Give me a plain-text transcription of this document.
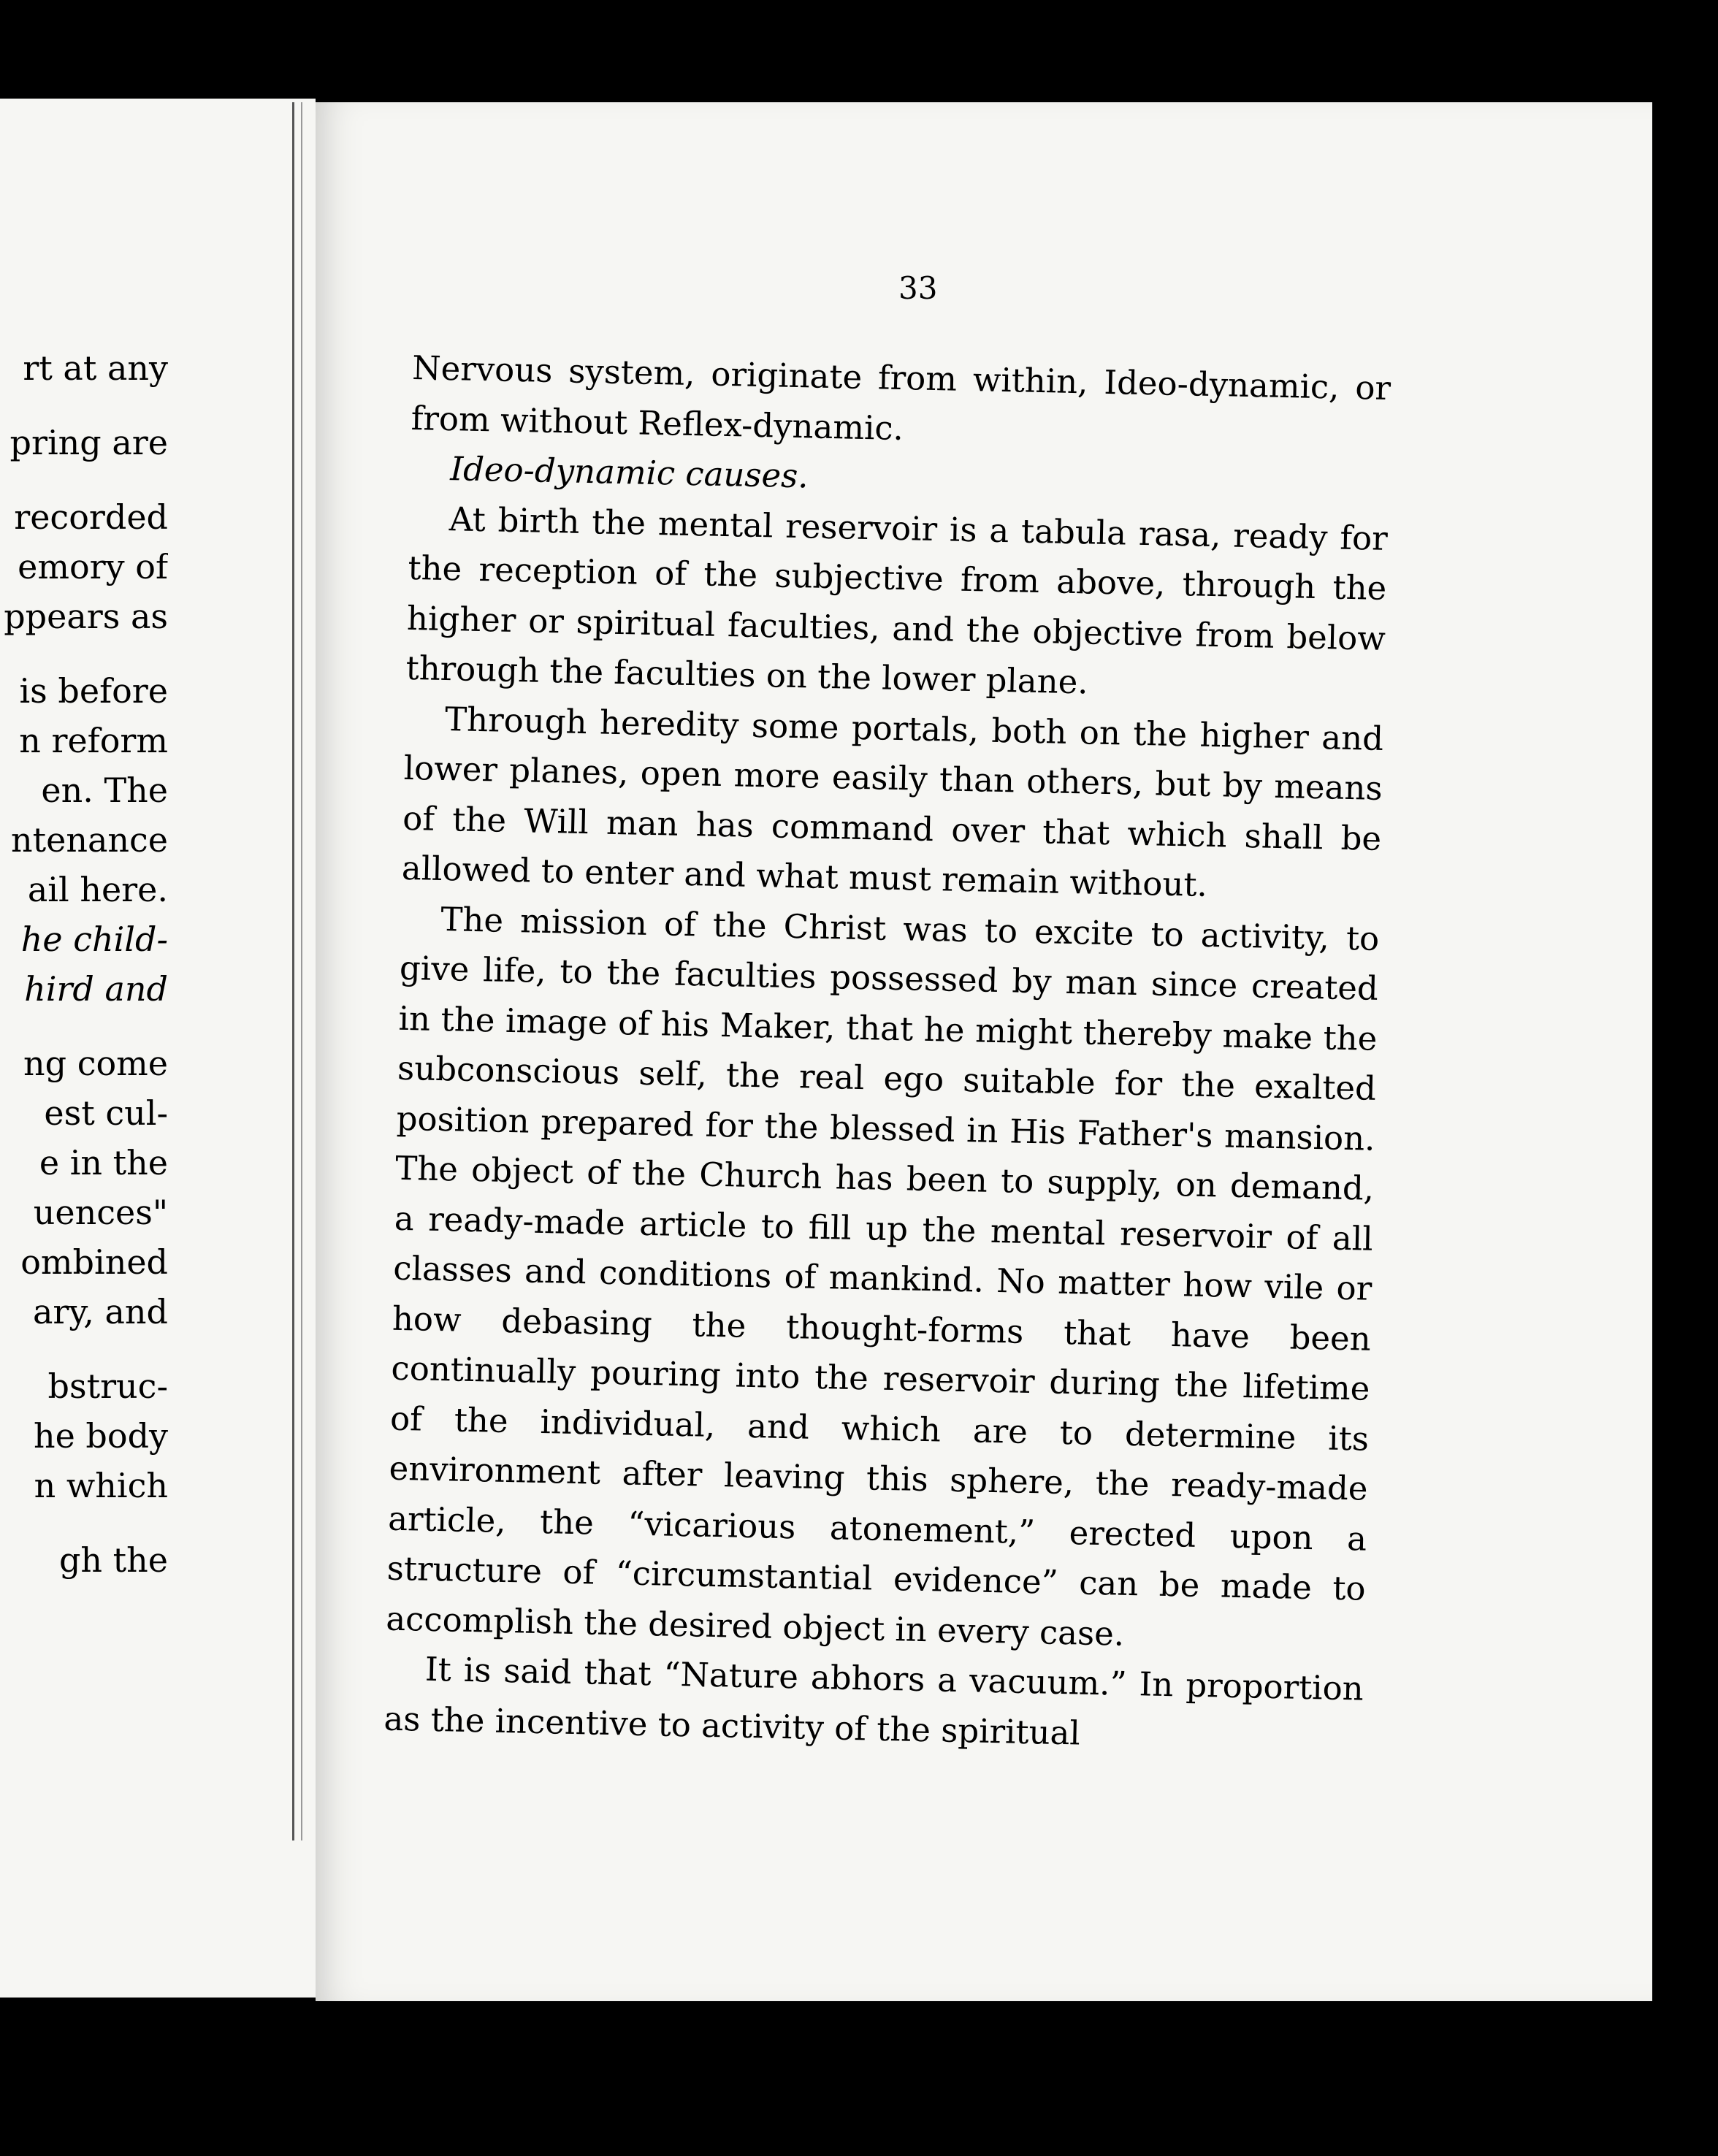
rt at any
pring are
recorded
emory of
ppears as
is before
n reform
en. The
ntenance
ail here.
he child-
hird and
ng come
est cul-
e in the
uences"
ombined
ary, and
bstruc-
he body
n which
gh the
33

Nervous system, originate from within, Ideo-dynamic, or from without Reflex-dynamic.

Ideo-dynamic causes.

At birth the mental reservoir is a tabula rasa, ready for the reception of the subjective from above, through the higher or spiritual faculties, and the objective from below through the faculties on the lower plane.

Through heredity some portals, both on the higher and lower planes, open more easily than others, but by means of the Will man has command over that which shall be allowed to enter and what must remain without.

The mission of the Christ was to excite to activity, to give life, to the faculties possessed by man since created in the image of his Maker, that he might thereby make the subconscious self, the real ego suitable for the exalted position prepared for the blessed in His Father's mansion. The object of the Church has been to supply, on demand, a ready-made article to fill up the mental reservoir of all classes and conditions of mankind. No matter how vile or how debasing the thought-forms that have been continually pouring into the reservoir during the lifetime of the individual, and which are to determine its environment after leaving this sphere, the ready-made article, the “vicarious atonement,” erected upon a structure of “circumstantial evidence” can be made to accomplish the desired object in every case.

It is said that “Nature abhors a vacuum.” In proportion as the incentive to activity of the spiritual
